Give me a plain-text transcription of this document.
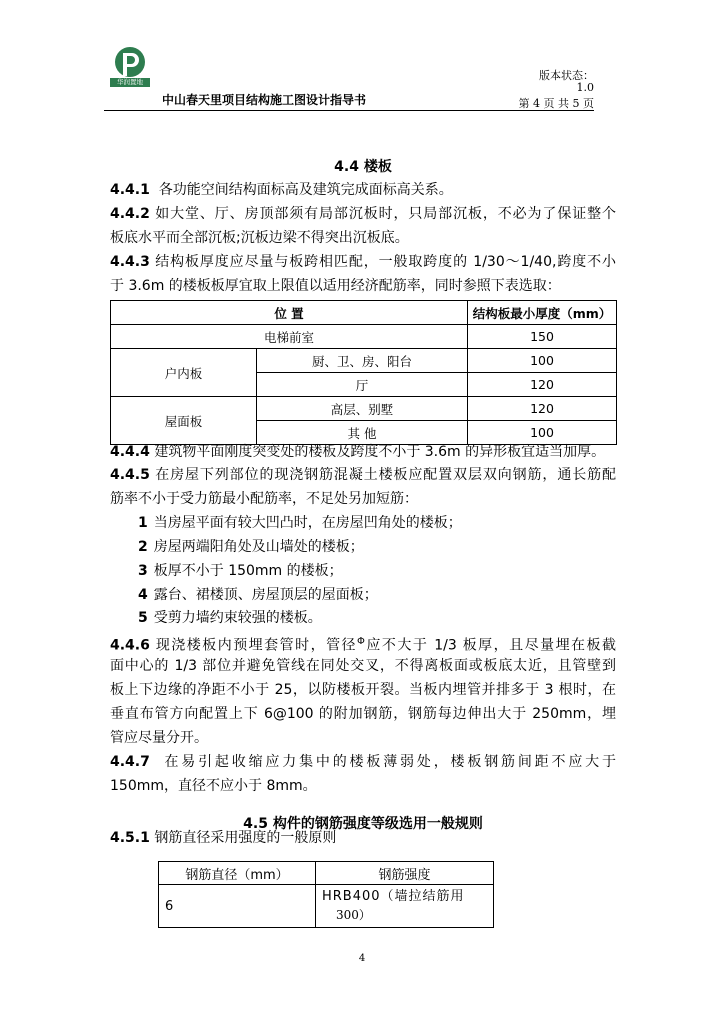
华润置地
中山春天里项目结构施工图设计指导书
版本状态：
1.0
第 4 页 共 5 页
4.4 楼板
4.4.1 各功能空间结构面标高及建筑完成面标高关系。
4.4.2 如大堂、厅、房顶部须有局部沉板时，只局部沉板，不必为了保证整个
板底水平而全部沉板;沉板边梁不得突出沉板底。
4.4.3 结构板厚度应尽量与板跨相匹配，一般取跨度的 1/30～1/40,跨度不小
于 3.6m 的楼板板厚宜取上限值以适用经济配筋率，同时参照下表选取：
位 置		结构板最小厚度（mm）
电梯前室		150
户内板	厨、卫、房、阳台	100
	厅	120
屋面板	高层、别墅	120
	其 他	100
4.4.4 建筑物平面刚度突变处的楼板及跨度不小于 3.6m 的异形板宜适当加厚。
4.4.5 在房屋下列部位的现浇钢筋混凝土楼板应配置双层双向钢筋，通长筋配
筋率不小于受力筋最小配筋率，不足处另加短筋：
1 当房屋平面有较大凹凸时，在房屋凹角处的楼板；
2 房屋两端阳角处及山墙处的楼板；
3 板厚不小于 150mm 的楼板；
4 露台、裙楼顶、房屋顶层的屋面板；
5 受剪力墙约束较强的楼板。
4.4.6 现浇楼板内预埋套管时，管径$^\Phi$应不大于 1/3 板厚，且尽量埋在板截
面中心的 1/3 部位并避免管线在同处交叉，不得离板面或板底太近，且管壁到
板上下边缘的净距不小于 25，以防楼板开裂。当板内埋管并排多于 3 根时，在
垂直布管方向配置上下 6@100 的附加钢筋，钢筋每边伸出大于 250mm，埋
管应尽量分开。
4.4.7 在易引起收缩应力集中的楼板薄弱处，楼板钢筋间距不应大于
150mm，直径不应小于 8mm。
4.5 构件的钢筋强度等级选用一般规则
4.5.1 钢筋直径采用强度的一般原则
钢筋直径（mm）	钢筋强度
6	HRB400（墙拉结筋用
300）
4
